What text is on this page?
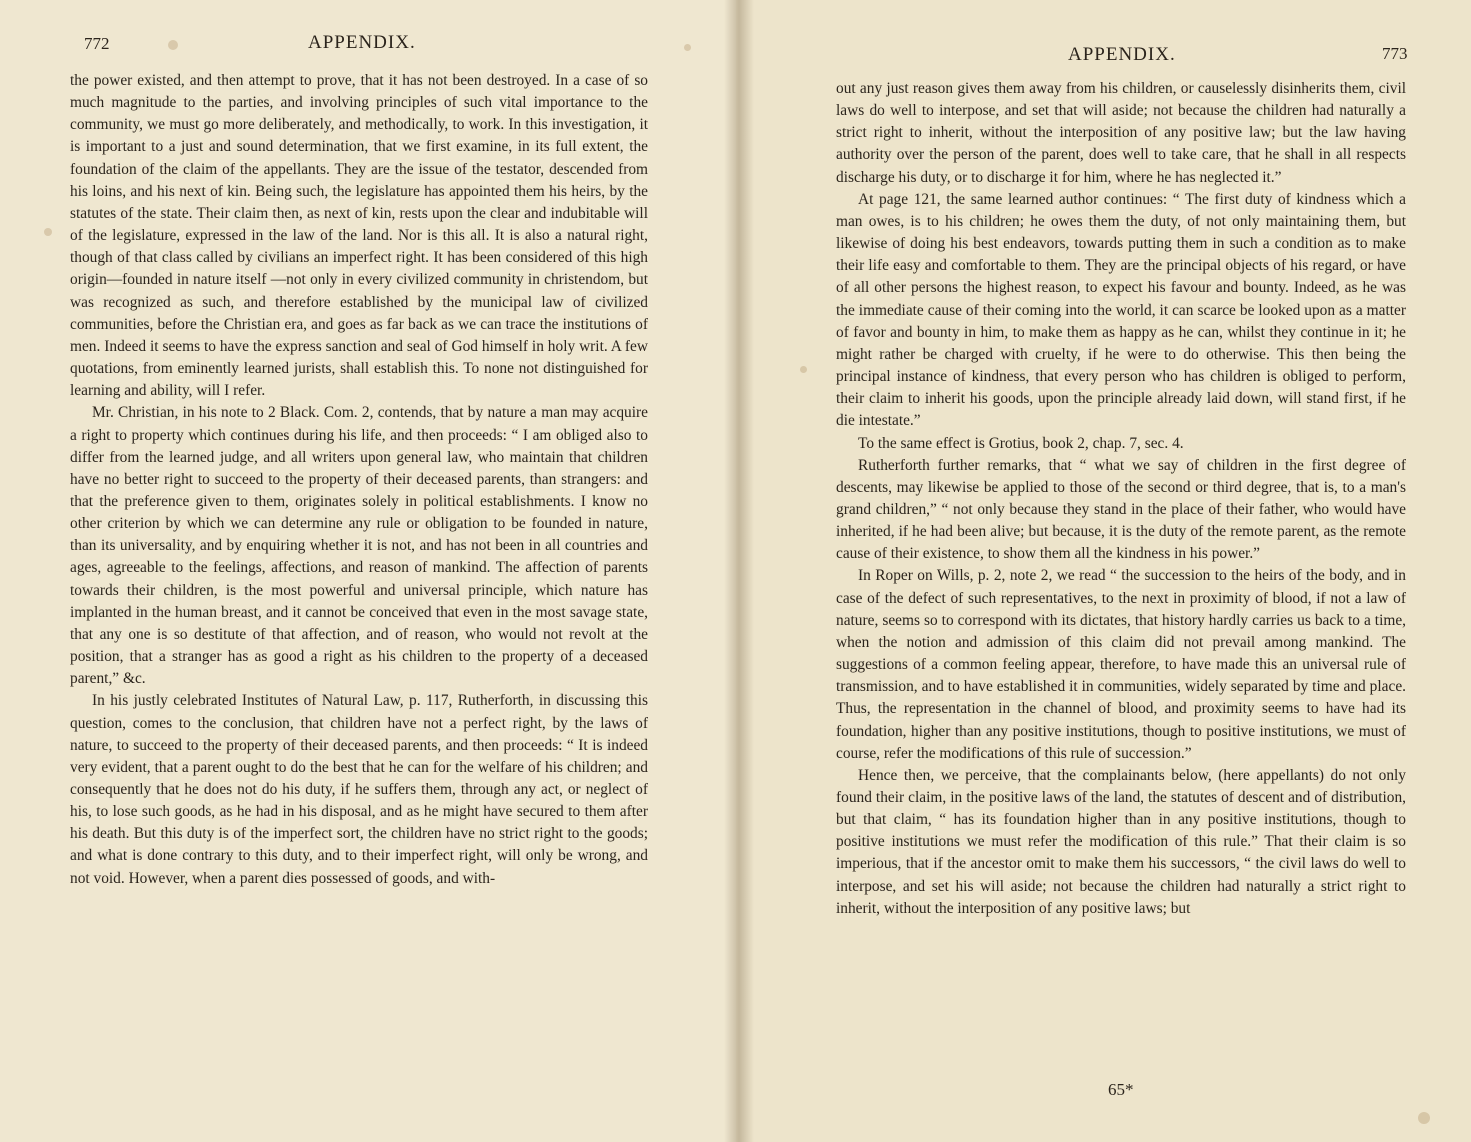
772	APPENDIX.

the power existed, and then attempt to prove, that it has not been destroyed. In a case of so much magnitude to the parties, and involving principles of such vital importance to the community, we must go more deliberately, and methodically, to work. In this investigation, it is important to a just and sound determination, that we first examine, in its full extent, the foundation of the claim of the appellants. They are the issue of the testator, descended from his loins, and his next of kin. Being such, the legislature has appointed them his heirs, by the statutes of the state. Their claim then, as next of kin, rests upon the clear and indubitable will of the legislature, expressed in the law of the land. Nor is this all. It is also a natural right, though of that class called by civilians an imperfect right. It has been considered of this high origin—founded in nature itself —not only in every civilized community in christendom, but was recognized as such, and therefore established by the municipal law of civilized communities, before the Christian era, and goes as far back as we can trace the institutions of men. Indeed it seems to have the express sanction and seal of God himself in holy writ. A few quotations, from eminently learned jurists, shall establish this. To none not distinguished for learning and ability, will I refer.

Mr. Christian, in his note to 2 Black. Com. 2, contends, that by nature a man may acquire a right to property which continues during his life, and then proceeds: “ I am obliged also to differ from the learned judge, and all writers upon general law, who maintain that children have no better right to succeed to the property of their deceased parents, than strangers: and that the preference given to them, originates solely in political establishments. I know no other criterion by which we can determine any rule or obligation to be founded in nature, than its universality, and by enquiring whether it is not, and has not been in all countries and ages, agreeable to the feelings, affections, and reason of mankind. The affection of parents towards their children, is the most powerful and universal principle, which nature has implanted in the human breast, and it cannot be conceived that even in the most savage state, that any one is so destitute of that affection, and of reason, who would not revolt at the position, that a stranger has as good a right as his children to the property of a deceased parent,” &c.

In his justly celebrated Institutes of Natural Law, p. 117, Rutherforth, in discussing this question, comes to the conclusion, that children have not a perfect right, by the laws of nature, to succeed to the property of their deceased parents, and then proceeds: “ It is indeed very evident, that a parent ought to do the best that he can for the welfare of his children; and consequently that he does not do his duty, if he suffers them, through any act, or neglect of his, to lose such goods, as he had in his disposal, and as he might have secured to them after his death. But this duty is of the imperfect sort, the children have no strict right to the goods; and what is done contrary to this duty, and to their imperfect right, will only be wrong, and not void. However, when a parent dies possessed of goods, and with-

APPENDIX.	773

out any just reason gives them away from his children, or causelessly disinherits them, civil laws do well to interpose, and set that will aside; not because the children had naturally a strict right to inherit, without the interposition of any positive law; but the law having authority over the person of the parent, does well to take care, that he shall in all respects discharge his duty, or to discharge it for him, where he has neglected it.”

At page 121, the same learned author continues: “ The first duty of kindness which a man owes, is to his children; he owes them the duty, of not only maintaining them, but likewise of doing his best endeavors, towards putting them in such a condition as to make their life easy and comfortable to them. They are the principal objects of his regard, or have of all other persons the highest reason, to expect his favour and bounty. Indeed, as he was the immediate cause of their coming into the world, it can scarce be looked upon as a matter of favor and bounty in him, to make them as happy as he can, whilst they continue in it; he might rather be charged with cruelty, if he were to do otherwise. This then being the principal instance of kindness, that every person who has children is obliged to perform, their claim to inherit his goods, upon the principle already laid down, will stand first, if he die intestate.”

To the same effect is Grotius, book 2, chap. 7, sec. 4.

Rutherforth further remarks, that “ what we say of children in the first degree of descents, may likewise be applied to those of the second or third degree, that is, to a man's grand children,” “ not only because they stand in the place of their father, who would have inherited, if he had been alive; but because, it is the duty of the remote parent, as the remote cause of their existence, to show them all the kindness in his power.”

In Roper on Wills, p. 2, note 2, we read “ the succession to the heirs of the body, and in case of the defect of such representatives, to the next in proximity of blood, if not a law of nature, seems so to correspond with its dictates, that history hardly carries us back to a time, when the notion and admission of this claim did not prevail among mankind. The suggestions of a common feeling appear, therefore, to have made this an universal rule of transmission, and to have established it in communities, widely separated by time and place. Thus, the representation in the channel of blood, and proximity seems to have had its foundation, higher than any positive institutions, though to positive institutions, we must of course, refer the modifications of this rule of succession.”

Hence then, we perceive, that the complainants below, (here appellants) do not only found their claim, in the positive laws of the land, the statutes of descent and of distribution, but that claim, “ has its foundation higher than in any positive institutions, though to positive institutions we must refer the modification of this rule.” That their claim is so imperious, that if the ancestor omit to make them his successors, “ the civil laws do well to interpose, and set his will aside; not because the children had naturally a strict right to inherit, without the interposition of any positive laws; but

65*
